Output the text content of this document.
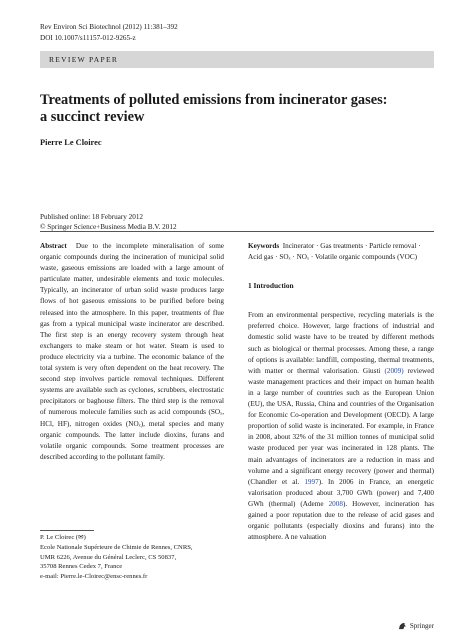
Rev Environ Sci Biotechnol (2012) 11:381–392
DOI 10.1007/s11157-012-9265-z
REVIEW PAPER
Treatments of polluted emissions from incinerator gases:
a succinct review
Pierre Le Cloirec
Published online: 18 February 2012
© Springer Science+Business Media B.V. 2012
Abstract Due to the incomplete mineralisation of some organic compounds during the incineration of municipal solid waste, gaseous emissions are loaded with a large amount of particulate matter, undesirable elements and toxic molecules. Typically, an incinerator of urban solid waste produces large flows of hot gaseous emissions to be purified before being released into the atmosphere. In this paper, treatments of flue gas from a typical municipal waste incinerator are described. The first step is an energy recovery system through heat exchangers to make steam or hot water. Steam is used to produce electricity via a turbine. The economic balance of the total system is very often dependent on the heat recovery. The second step involves particle removal techniques. Different systems are available such as cyclones, scrubbers, electrostatic precipitators or baghouse filters. The third step is the removal of numerous molecule families such as acid compounds (SOₓ, HCl, HF), nitrogen oxides (NOₓ), metal species and many organic compounds. The latter include dioxins, furans and volatile organic compounds. Some treatment processes are described according to the pollutant family.
Keywords Incinerator · Gas treatments · Particle removal · Acid gas · SOₓ · NOₓ · Volatile organic compounds (VOC)
1 Introduction
From an environmental perspective, recycling materials is the preferred choice. However, large fractions of industrial and domestic solid waste have to be treated by different methods such as biological or thermal processes. Among these, a range of options is available: landfill, composting, thermal treatments, with matter or thermal valorisation. Giusti (2009) reviewed waste management practices and their impact on human health in a large number of countries such as the European Union (EU), the USA, Russia, China and countries of the Organisation for Economic Co-operation and Development (OECD). A large proportion of solid waste is incinerated. For example, in France in 2008, about 32% of the 31 million tonnes of municipal solid waste produced per year was incinerated in 128 plants. The main advantages of incinerators are a reduction in mass and volume and a significant energy recovery (power and thermal) (Chandler et al. 1997). In 2006 in France, an energetic valorisation produced about 3,700 GWh (power) and 7,400 GWh (thermal) (Ademe 2008). However, incineration has gained a poor reputation due to the release of acid gases and organic pollutants (especially dioxins and furans) into the atmosphere. A ne valuation
P. Le Cloirec (✉)
Ecole Nationale Supérieure de Chimie de Rennes, CNRS,
UMR 6226, Avenue du Général Leclerc, CS 50837,
35708 Rennes Cedex 7, France
e-mail: Pierre.le-Cloirec@ensc-rennes.fr
Springer
